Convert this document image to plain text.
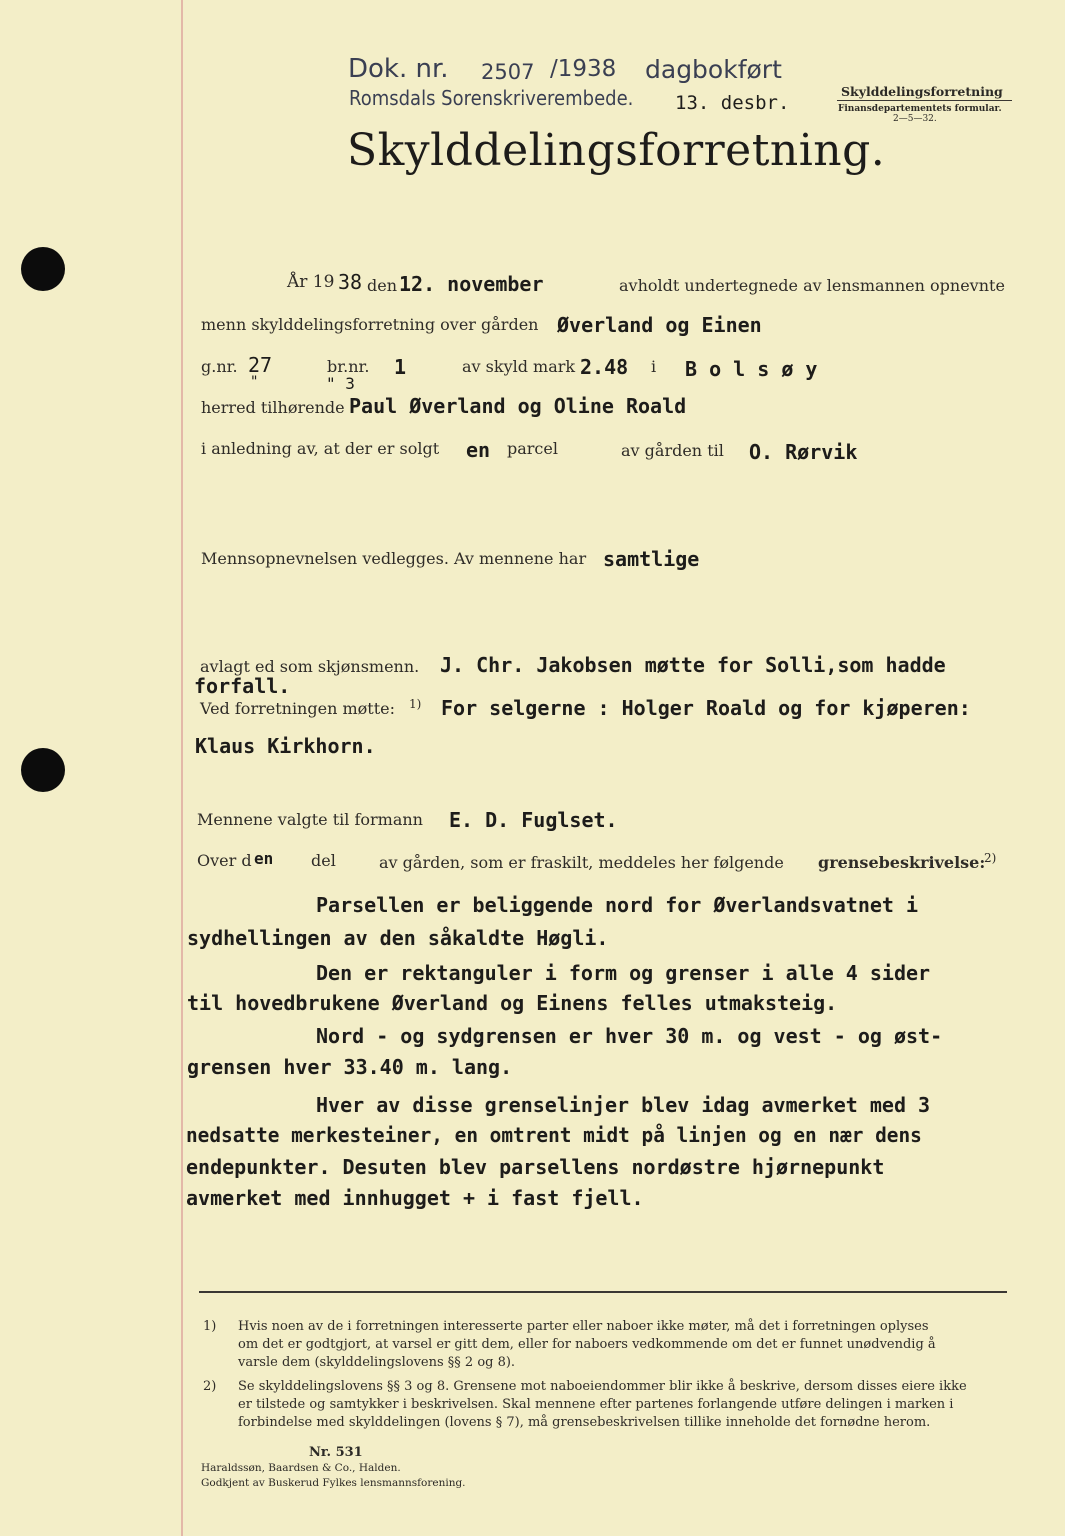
Dok. nr. 2507 /1938 dagbokført
Romsdals Sorenskriverembede. 13. desbr.
Skylddelingsforretning
Finansdepartementets formular.
2—5—32.
Skylddelingsforretning.
År 19 38 den 12. november	avholdt undertegnede av lensmannen opnevnte
menn skylddelingsforretning over gården Øverland og Einen
g.nr. 27
"
br.nr. 1
" 3
av skyld mark 2.48 i B o l s ø y
herred tilhørende Paul Øverland og Oline Roald
i anledning av, at der er solgt en parcel	av gården til O. Rørvik
Mennsopnevnelsen vedlegges. Av mennene har samtlige
avlagt ed som skjønsmenn. J. Chr. Jakobsen møtte for Solli,som hadde
forfall.
Ved forretningen møtte: 1) For selgerne : Holger Roald og for kjøperen:
Klaus Kirkhorn.
Mennene valgte til formann E. D. Fuglset.
Over d en del	av gården, som er fraskilt, meddeles her følgende grensebeskrivelse:
2)
Parsellen er beliggende nord for Øverlandsvatnet i
sydhellingen av den såkaldte Høgli.
Den er rektanguler i form og grenser i alle 4 sider
til hovedbrukene Øverland og Einens felles utmaksteig.
Nord - og sydgrensen er hver 30 m. og vest - og øst-
grensen hver 33.40 m. lang.
Hver av disse grenselinjer blev idag avmerket med 3
nedsatte merkesteiner, en omtrent midt på linjen og en nær dens
endepunkter. Desuten blev parsellens nordøstre hjørnepunkt
avmerket med innhugget + i fast fjell.
1) Hvis noen av de i forretningen interesserte parter eller naboer ikke møter, må det i forretningen oplyses
om det er godtgjort, at varsel er gitt dem, eller for naboers vedkommende om det er funnet unødvendig å
varsle dem (skylddelingslovens §§ 2 og 8).
2) Se skylddelingslovens §§ 3 og 8. Grensene mot naboeiendommer blir ikke å beskrive, dersom disses eiere ikke
er tilstede og samtykker i beskrivelsen. Skal mennene efter partenes forlangende utføre delingen i marken i
forbindelse med skylddelingen (lovens § 7), må grensebeskrivelsen tillike inneholde det fornødne herom.
Nr. 531
Haraldssøn, Baardsen & Co., Halden.
Godkjent av Buskerud Fylkes lensmannsforening.
